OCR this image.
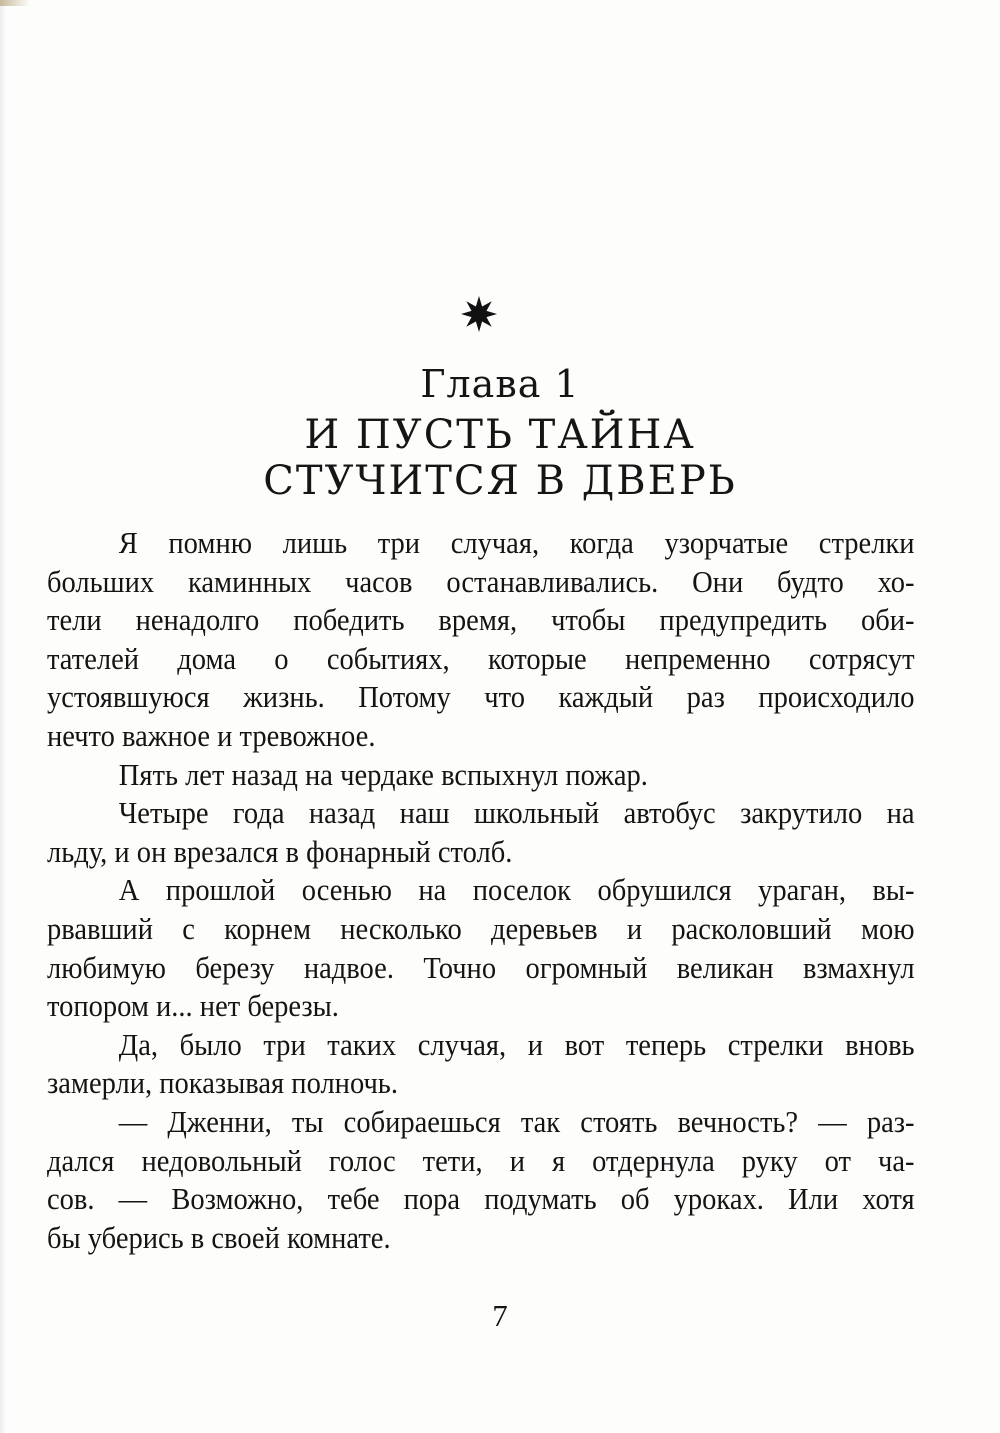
Глава 1
И ПУСТЬ ТАЙНА
СТУЧИТСЯ В ДВЕРЬ
Я помню лишь три случая, когда узорчатые стрелки
больших каминных часов останавливались. Они будто хо-
тели ненадолго победить время, чтобы предупредить оби-
тателей дома о событиях, которые непременно сотрясут
устоявшуюся жизнь. Потому что каждый раз происходило
нечто важное и тревожное.
Пять лет назад на чердаке вспыхнул пожар.
Четыре года назад наш школьный автобус закрутило на
льду, и он врезался в фонарный столб.
А прошлой осенью на поселок обрушился ураган, вы-
рвавший с корнем несколько деревьев и расколовший мою
любимую березу надвое. Точно огромный великан взмахнул
топором и... нет березы.
Да, было три таких случая, и вот теперь стрелки вновь
замерли, показывая полночь.
— Дженни, ты собираешься так стоять вечность? — раз-
дался недовольный голос тети, и я отдернула руку от ча-
сов. — Возможно, тебе пора подумать об уроках. Или хотя
бы уберись в своей комнате.
7
